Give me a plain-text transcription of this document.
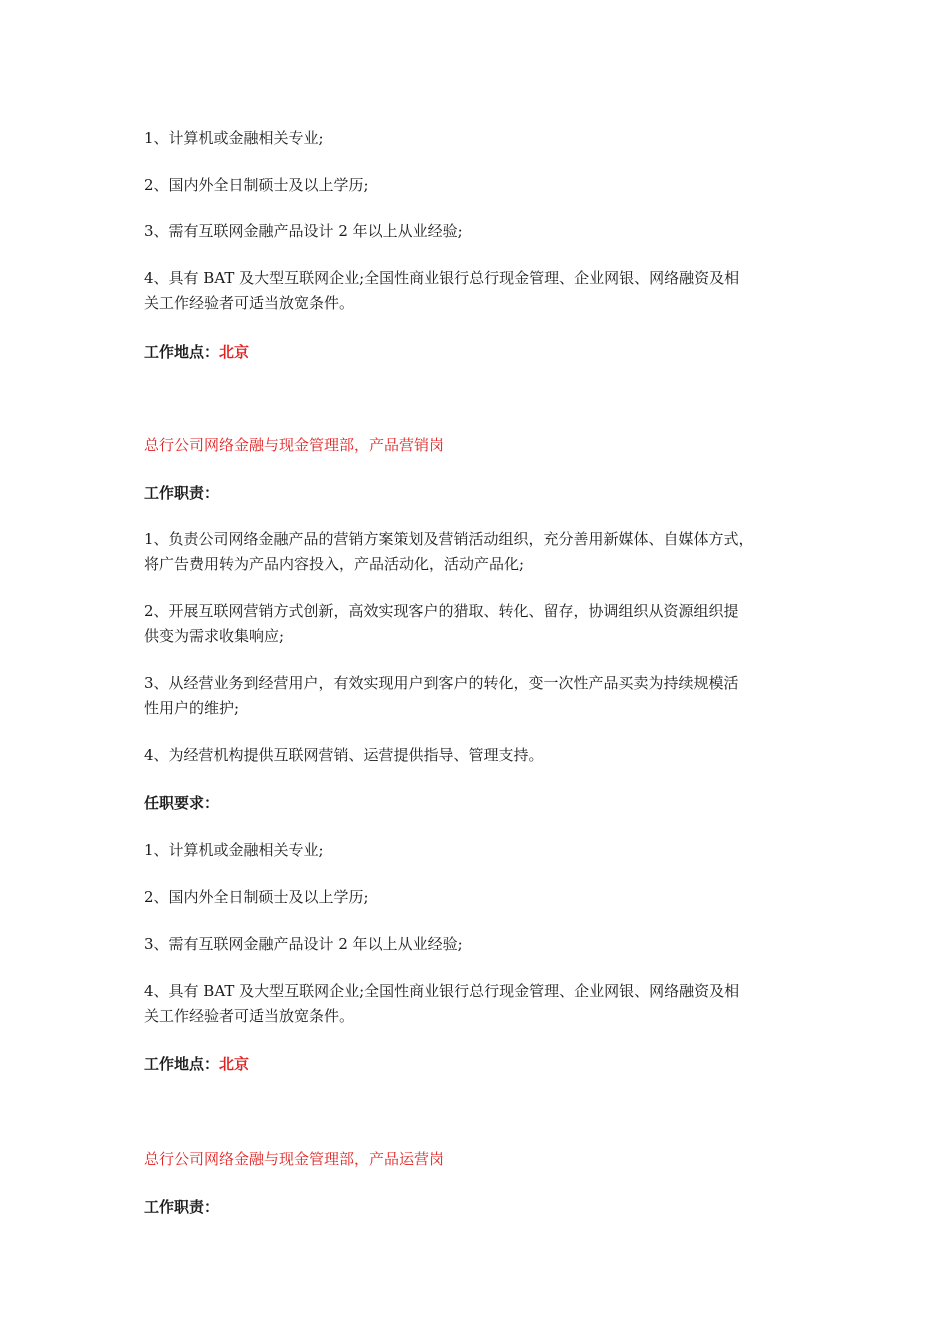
1、计算机或金融相关专业;

2、国内外全日制硕士及以上学历;

3、需有互联网金融产品设计 2 年以上从业经验;

4、具有 BAT 及大型互联网企业;全国性商业银行总行现金管理、企业网银、网络融资及相

关工作经验者可适当放宽条件。

工作地点：北京

总行公司网络金融与现金管理部，产品营销岗

工作职责：

1、负责公司网络金融产品的营销方案策划及营销活动组织，充分善用新媒体、自媒体方式，

将广告费用转为产品内容投入，产品活动化，活动产品化;

2、开展互联网营销方式创新，高效实现客户的猎取、转化、留存，协调组织从资源组织提

供变为需求收集响应;

3、从经营业务到经营用户，有效实现用户到客户的转化，变一次性产品买卖为持续规模活

性用户的维护;

4、为经营机构提供互联网营销、运营提供指导、管理支持。

任职要求：

1、计算机或金融相关专业;

2、国内外全日制硕士及以上学历;

3、需有互联网金融产品设计 2 年以上从业经验;

4、具有 BAT 及大型互联网企业;全国性商业银行总行现金管理、企业网银、网络融资及相

关工作经验者可适当放宽条件。

工作地点：北京

总行公司网络金融与现金管理部，产品运营岗

工作职责：
